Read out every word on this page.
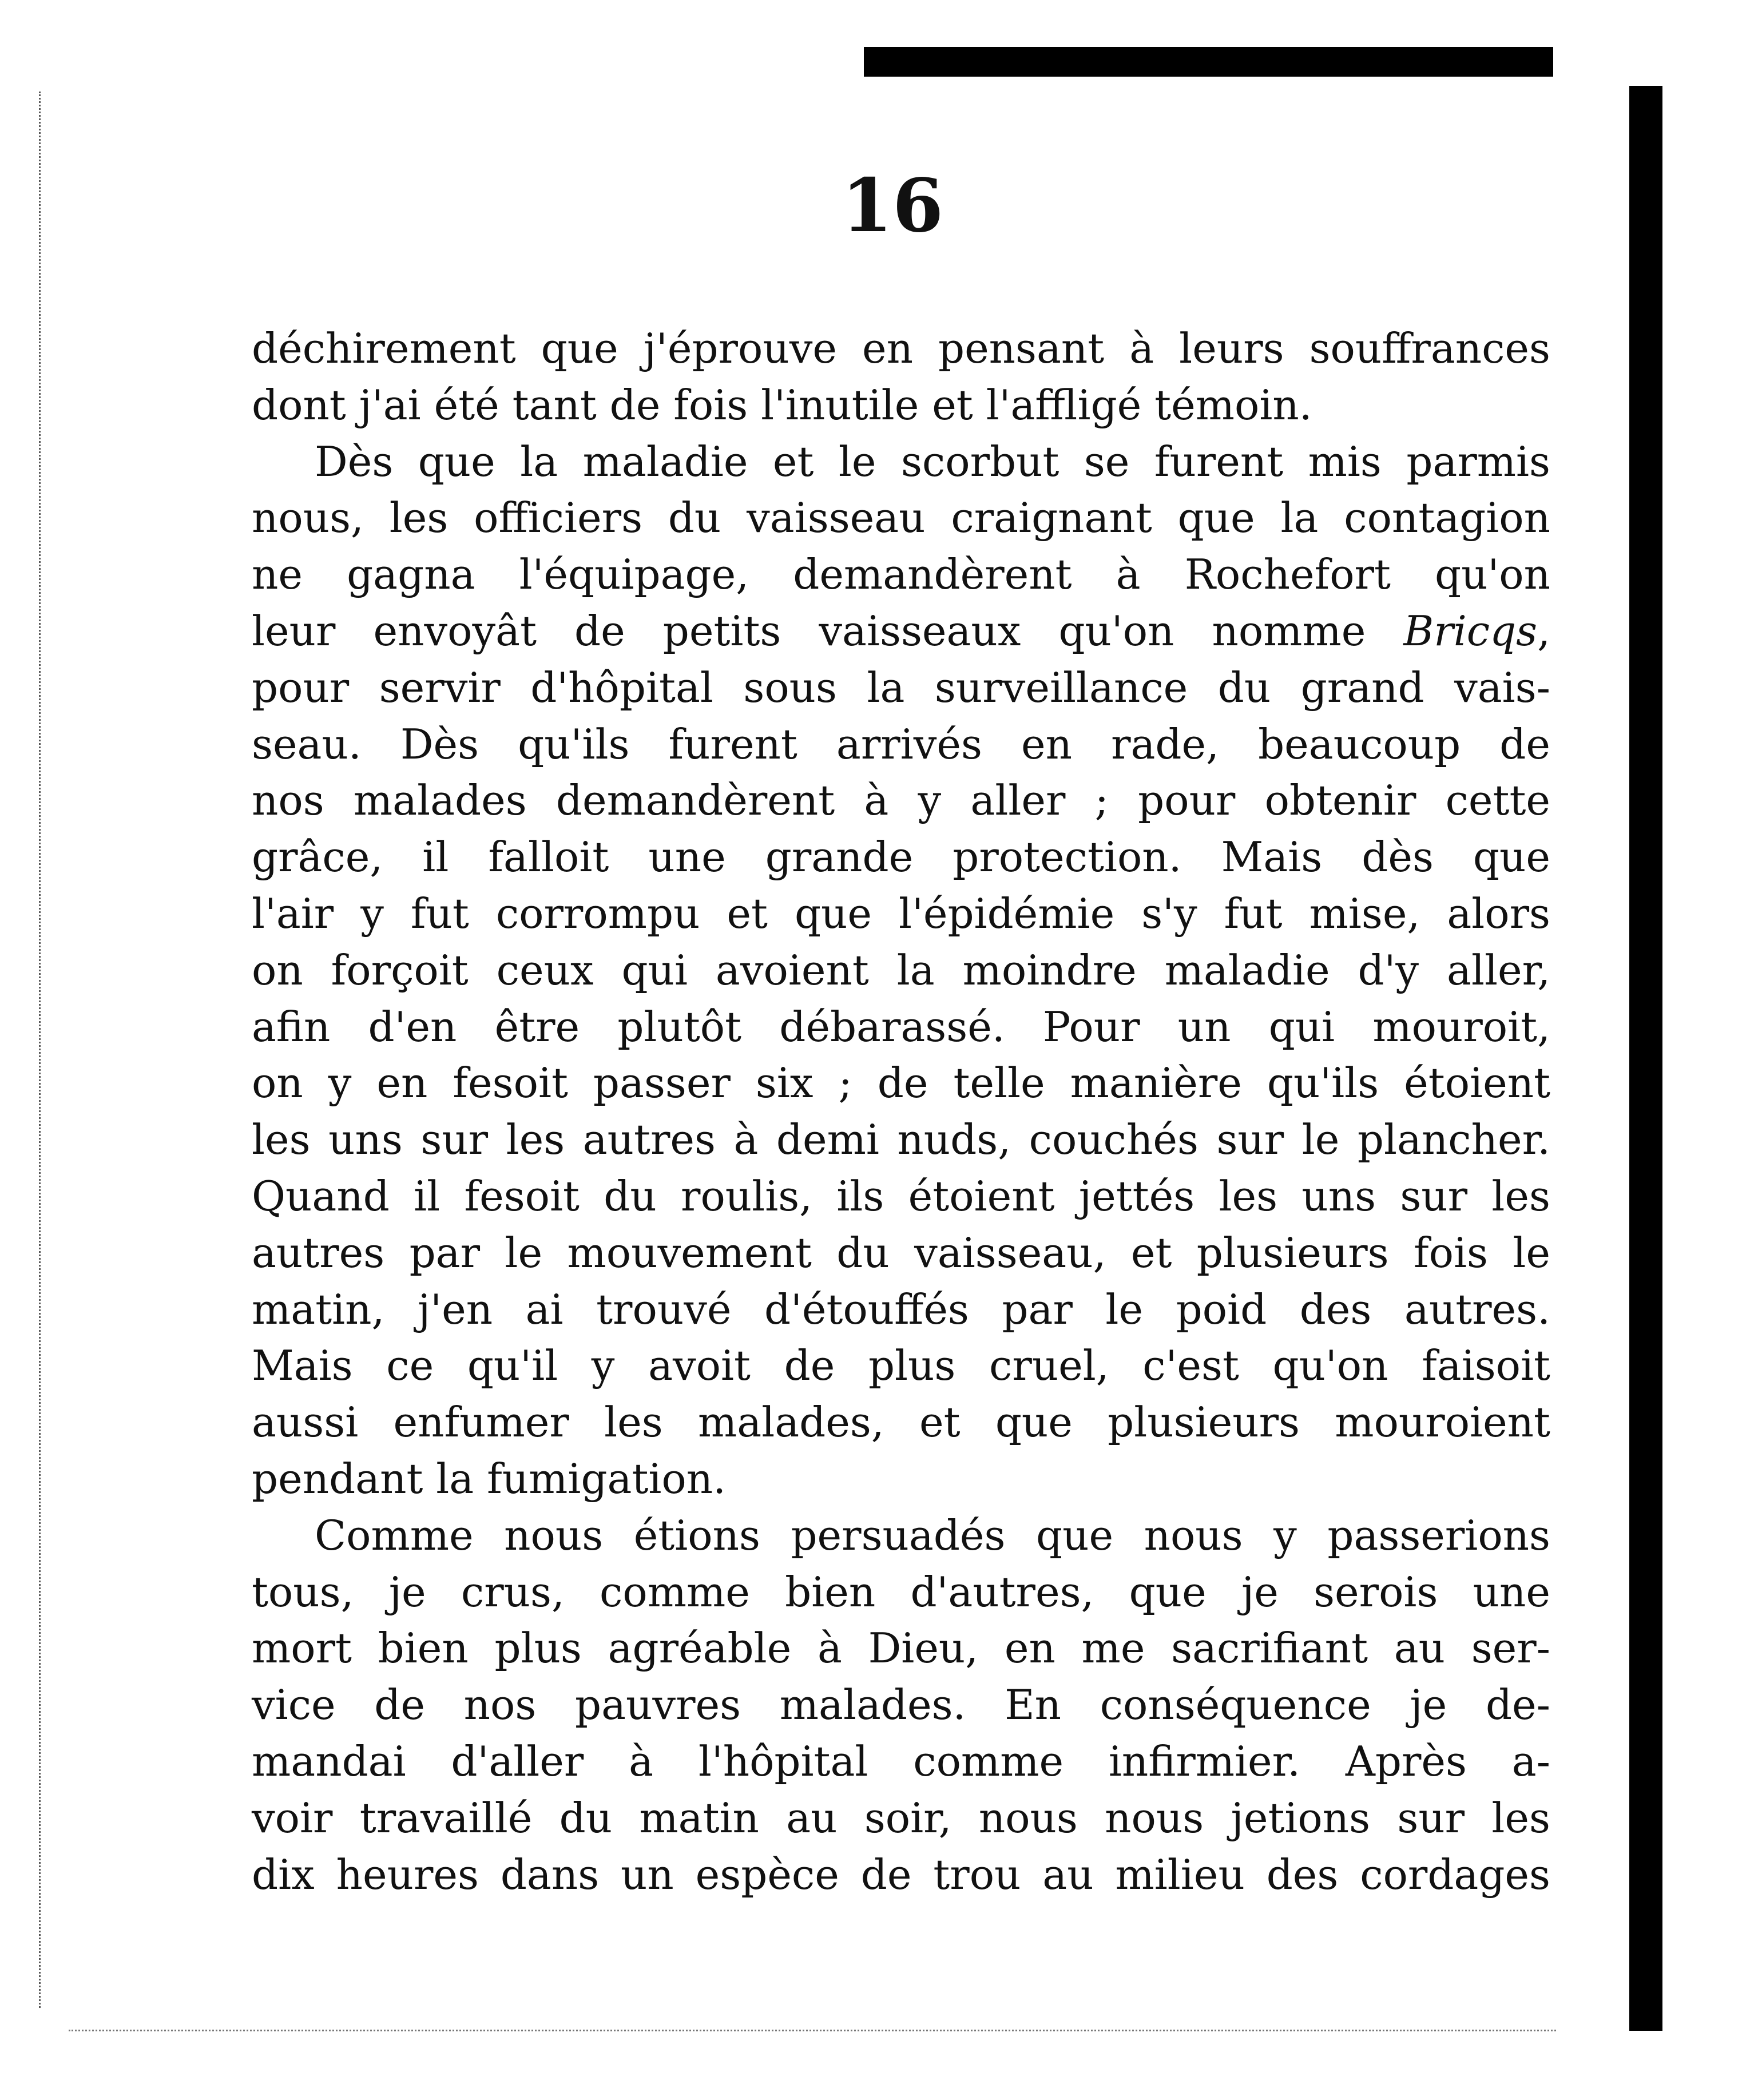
16
déchirement que j'éprouve en pensant à leurs souffrances
dont j'ai été tant de fois l'inutile et l'affligé témoin.
Dès que la maladie et le scorbut se furent mis parmis
nous, les officiers du vaisseau craignant que la contagion
ne gagna l'équipage, demandèrent à Rochefort qu'on
leur envoyât de petits vaisseaux qu'on nomme Bricqs,
pour servir d'hôpital sous la surveillance du grand vais-
seau. Dès qu'ils furent arrivés en rade, beaucoup de
nos malades demandèrent à y aller ; pour obtenir cette
grâce, il falloit une grande protection. Mais dès que
l'air y fut corrompu et que l'épidémie s'y fut mise, alors
on forçoit ceux qui avoient la moindre maladie d'y aller,
afin d'en être plutôt débarassé. Pour un qui mouroit,
on y en fesoit passer six ; de telle manière qu'ils étoient
les uns sur les autres à demi nuds, couchés sur le plancher.
Quand il fesoit du roulis, ils étoient jettés les uns sur les
autres par le mouvement du vaisseau, et plusieurs fois le
matin, j'en ai trouvé d'étouffés par le poid des autres.
Mais ce qu'il y avoit de plus cruel, c'est qu'on faisoit
aussi enfumer les malades, et que plusieurs mouroient
pendant la fumigation.
Comme nous étions persuadés que nous y passerions
tous, je crus, comme bien d'autres, que je serois une
mort bien plus agréable à Dieu, en me sacrifiant au ser-
vice de nos pauvres malades. En conséquence je de-
mandai d'aller à l'hôpital comme infirmier. Après a-
voir travaillé du matin au soir, nous nous jetions sur les
dix heures dans un espèce de trou au milieu des cordages
